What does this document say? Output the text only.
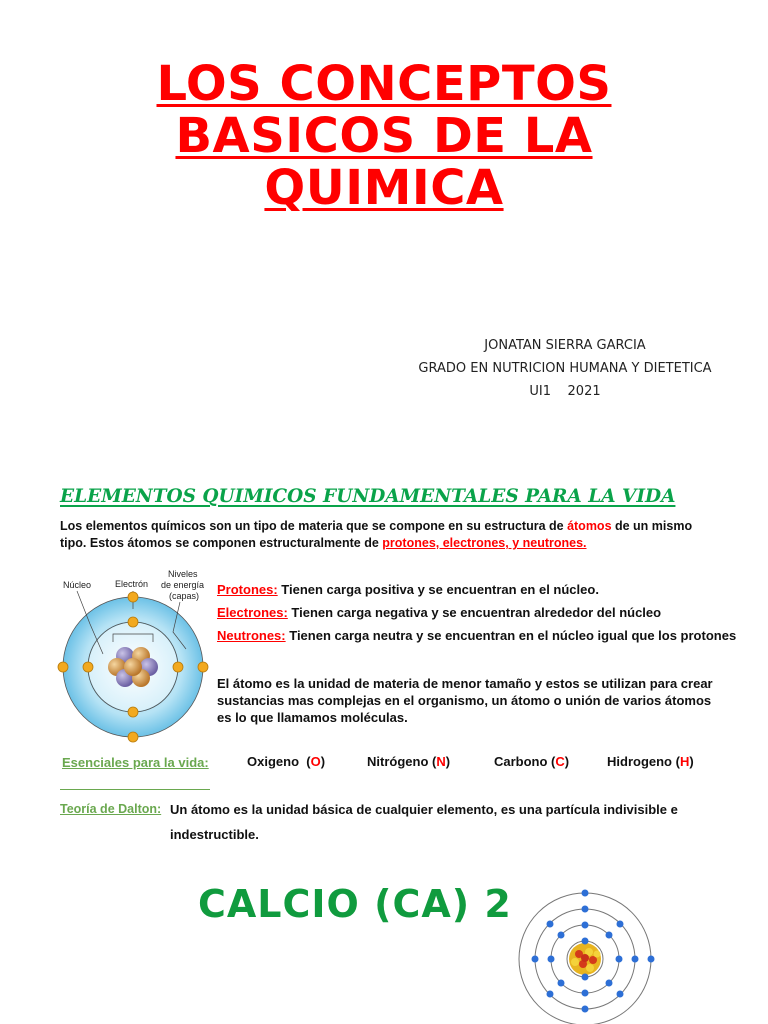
LOS CONCEPTOS
BASICOS DE LA
QUIMICA
JONATAN SIERRA GARCIA
GRADO EN NUTRICION HUMANA Y DIETETICA
UI1    2021
ELEMENTOS QUIMICOS FUNDAMENTALES PARA LA VIDA
Los elementos químicos son un tipo de materia que se compone en su estructura de átomos de un mismo
tipo. Estos átomos se componen estructuralmente de protones, electrones, y neutrones.
Núcleo	Electrón
Niveles
de energía
(capas) Protones: Tienen carga positiva y se encuentran en el núcleo.
Electrones: Tienen carga negativa y se encuentran alrededor del núcleo
Neutrones: Tienen carga neutra y se encuentran en el núcleo igual que los protones
El átomo es la unidad de materia de menor tamaño y estos se utilizan para crear
sustancias mas complejas en el organismo, un átomo o unión de varios átomos
es lo que llamamos moléculas.
Esenciales para la vida:	Oxigeno  (O)	Nitrógeno (N)	Carbono (C)	Hidrogeno (H)
Teoría de Dalton: Un átomo es la unidad básica de cualquier elemento, es una partícula indivisible e
indestructible.
CALCIO (CA) 2
